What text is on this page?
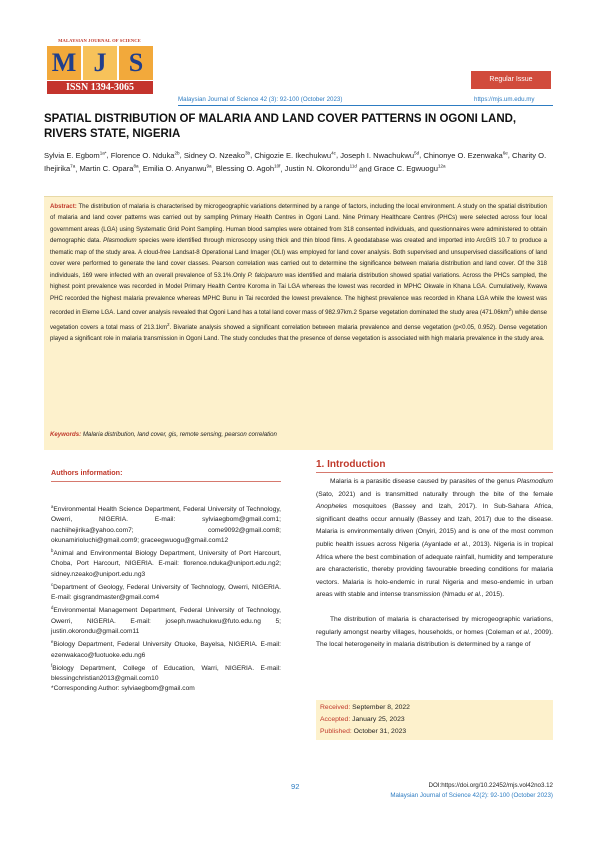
MALAYSIAN JOURNAL OF SCIENCE
M J S
ISSN 1394-3065
Regular Issue
Malaysian Journal of Science 42 (3): 92-100 (October 2023)	https://mjs.um.edu.my
SPATIAL DISTRIBUTION OF MALARIA AND LAND COVER PATTERNS IN OGONI LAND, RIVERS STATE, NIGERIA
Sylvia E. Egbom$^{1a*}$, Florence O. Nduka$^{2b}$, Sidney O. Nzeako$^{3b}$, Chigozie E. Ikechukwu$^{4c}$, Joseph I. Nwachukwu$^{5d}$, Chinonye O. Ezenwaka$^{6e}$, Charity O. Ihejirika$^{7a}$, Martin C. Opara$^{8a}$, Emilia O. Anyanwu$^{9a}$, Blessing O. Agoh$^{10f}$, Justin N. Okorondu$^{11d}$ and Grace C. Egwuogu$^{12a}$
Abstract: The distribution of malaria is characterised by microgeographic variations determined by a range of factors, including the local environment. A study on the spatial distribution of malaria and land cover patterns was carried out by sampling Primary Health Centres in Ogoni Land. Nine Primary Healthcare Centres (PHCs) were selected across four local government areas (LGA) using Systematic Grid Point Sampling. Human blood samples were obtained from 318 consented individuals, and questionnaires were administered to obtain demographic data. Plasmodium species were identified through microscopy using thick and thin blood films. A geodatabase was created and imported into ArcGIS 10.7 to produce a thematic map of the study area. A cloud-free Landsat-8 Operational Land Imager (OLI) was employed for land cover analysis. Both supervised and unsupervised classifications of land cover were performed to generate the land cover classes. Pearson correlation was carried out to determine the significance between malaria distribution and land cover. Of the 318 individuals, 169 were infected with an overall prevalence of 53.1%.Only P. falciparum was identified and malaria distribution showed spatial variations. Across the PHCs sampled, the highest point prevalence was recorded in Model Primary Health Centre Koroma in Tai LGA whereas the lowest was recorded in MPHC Okwale in Khana LGA. Cumulatively, Kwawa PHC recorded the highest malaria prevalence whereas MPHC Bunu in Tai recorded the lowest prevalence. The highest prevalence was recorded in Khana LGA while the lowest was recorded in Eleme LGA. Land cover analysis revealed that Ogoni Land has a total land cover mass of 982.97km.2 Sparse vegetation dominated the study area $(471.06km^2)$ while dense vegetation covers a total mass of $213.1km^2$. Bivariate analysis showed a significant correlation between malaria prevalence and dense vegetation (p<0.05, 0.952). Dense vegetation played a significant role in malaria transmission in Ogoni Land. The study concludes that the presence of dense vegetation is associated with high malaria prevalence in the study area.
Keywords: Malaria distribution, land cover, gis, remote sensing, pearson correlation
Authors information:
$^a$Environmental Health Science Department, Federal University of Technology, Owerri, NIGERIA. E-mail: sylviaegbom@gmail.com1; nachiihejirika@yahoo.com7; come9092@gmail.com8; okunamirioluchi@gmail.com9; graceegwuogu@gmail.com12
$^b$Animal and Environmental Biology Department, University of Port Harcourt, Choba, Port Harcourt, NIGERIA. E-mail: florence.nduka@uniport.edu.ng2; sidney.nzeako@uniport.edu.ng3
$^c$Department of Geology, Federal University of Technology, Owerri, NIGERIA. E-mail: gisgrandmaster@gmail.com4
$^d$Environmental Management Department, Federal University of Technology, Owerri, NIGERIA. E-mail: joseph.nwachukwu@futo.edu.ng 5; justin.okorondu@gmail.com11
$^e$Biology Department, Federal University Otuoke, Bayelsa, NIGERIA. E-mail: ezenwakaco@fuotuoke.edu.ng6
$^f$Biology Department, College of Education, Warri, NIGERIA. E-mail: blessingchristian2013@gmail.com10
*Corresponding Author: sylviaegbom@gmail.com
1. Introduction

Malaria is a parasitic disease caused by parasites of the genus Plasmodium (Sato, 2021) and is transmitted naturally through the bite of the female Anopheles mosquitoes (Bassey and Izah, 2017). In Sub-Sahara Africa, significant deaths occur annually (Bassey and Izah, 2017) due to the disease. Malaria is environmentally driven (Onyiri, 2015) and is one of the most common public health issues across Nigeria (Ayanlade et al., 2013). Nigeria is in tropical Africa where the best combination of adequate rainfall, humidity and temperature are characteristic, thereby providing favourable breeding conditions for malaria vectors. Malaria is holo-endemic in rural Nigeria and meso-endemic in urban areas with stable and intense transmission (Nmadu et al., 2015).

The distribution of malaria is characterised by microgeographic variations, regularly amongst nearby villages, households, or homes (Coleman et al., 2009). The local heterogeneity in malaria distribution is determined by a range of

Received: September 8, 2022
Accepted: January 25, 2023
Published: October 31, 2023
92	DOI:https://doi.org/10.22452/mjs.vol42no3.12
Malaysian Journal of Science 42(2): 92-100 (October 2023)
